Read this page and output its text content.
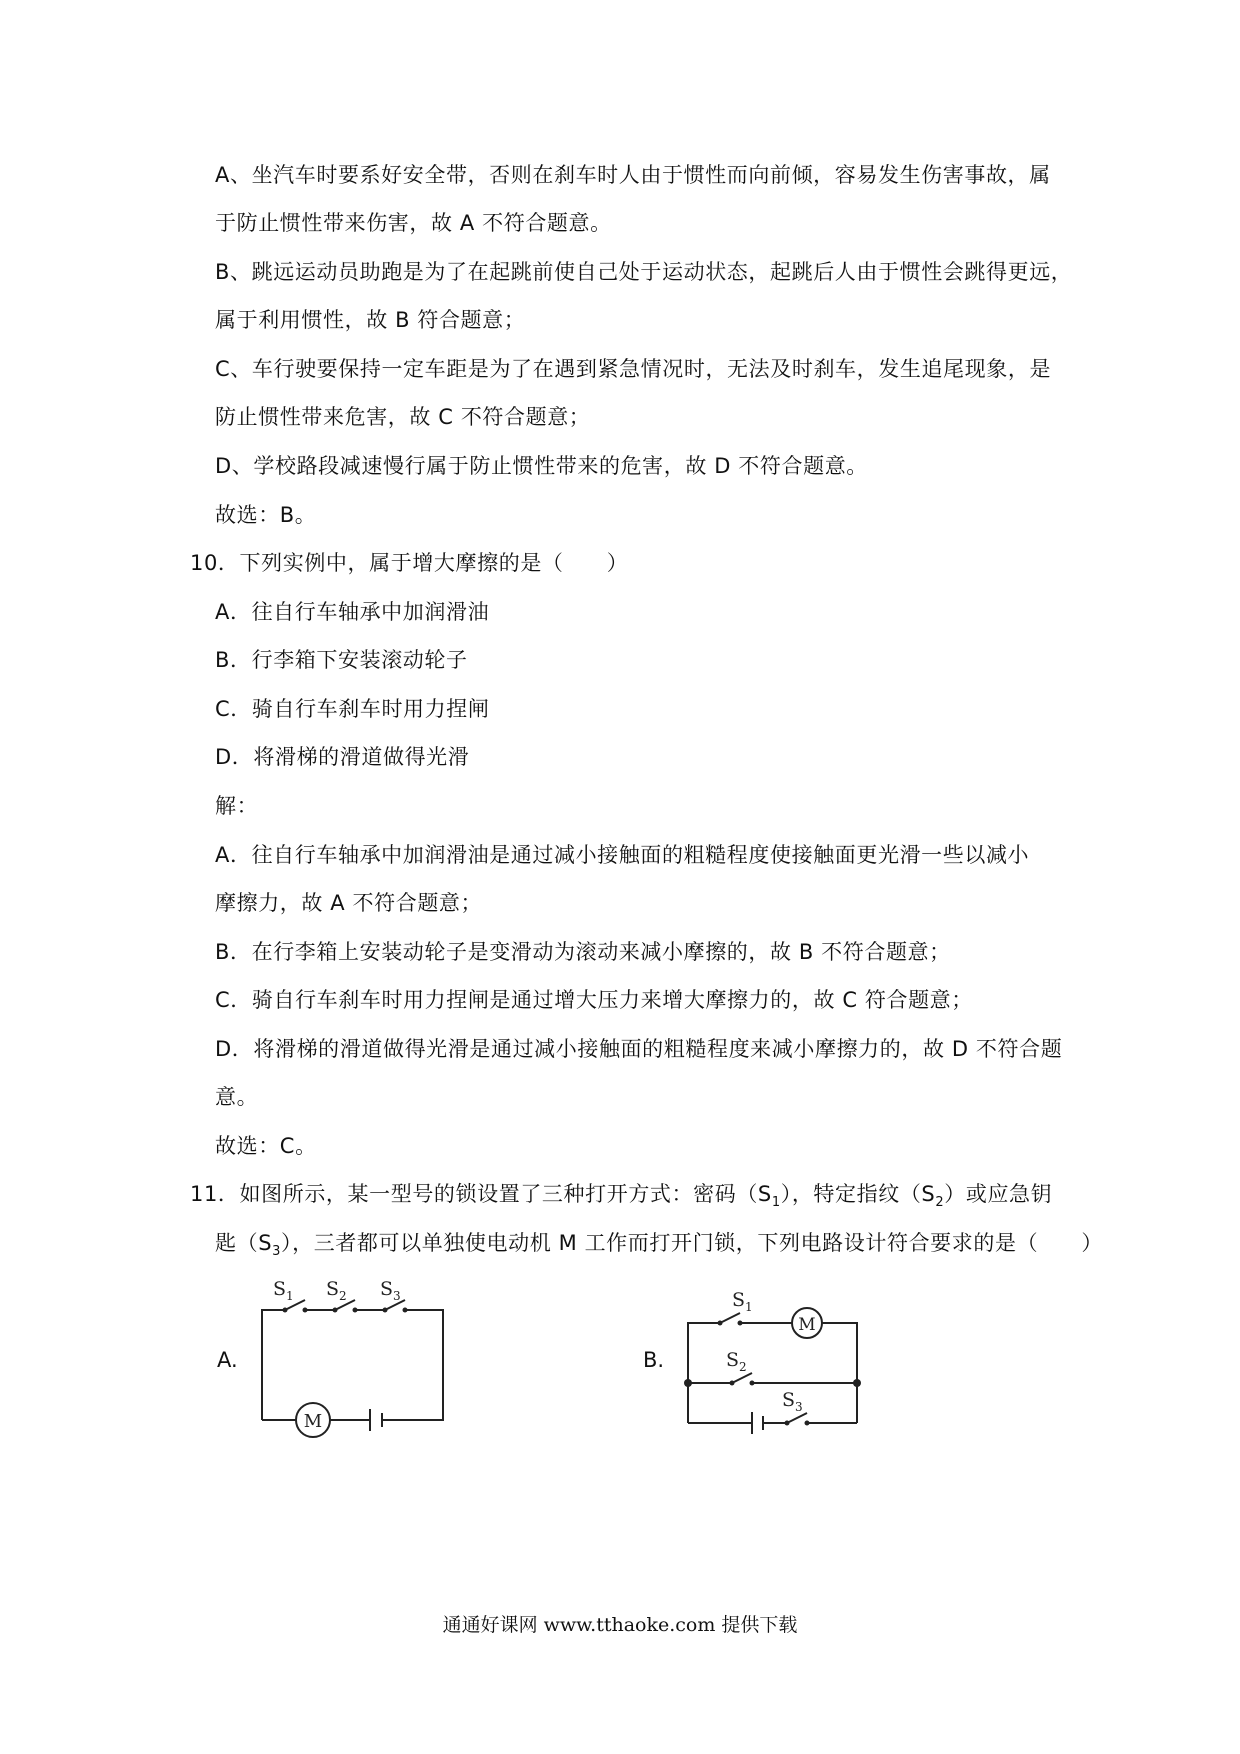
A、坐汽车时要系好安全带，否则在刹车时人由于惯性而向前倾，容易发生伤害事故，属
于防止惯性带来伤害，故 A 不符合题意。
B、跳远运动员助跑是为了在起跳前使自己处于运动状态，起跳后人由于惯性会跳得更远，
属于利用惯性，故 B 符合题意；
C、车行驶要保持一定车距是为了在遇到紧急情况时，无法及时刹车，发生追尾现象，是
防止惯性带来危害，故 C 不符合题意；
D、学校路段减速慢行属于防止惯性带来的危害，故 D 不符合题意。
故选：B。
10．下列实例中，属于增大摩擦的是（　　）
A．往自行车轴承中加润滑油
B．行李箱下安装滚动轮子
C．骑自行车刹车时用力捏闸
D．将滑梯的滑道做得光滑
解：
A．往自行车轴承中加润滑油是通过减小接触面的粗糙程度使接触面更光滑一些以减小
摩擦力，故 A 不符合题意；
B．在行李箱上安装动轮子是变滑动为滚动来减小摩擦的，故 B 不符合题意；
C．骑自行车刹车时用力捏闸是通过增大压力来增大摩擦力的，故 C 符合题意；
D．将滑梯的滑道做得光滑是通过减小接触面的粗糙程度来减小摩擦力的，故 D 不符合题
意。
故选：C。
11．如图所示，某一型号的锁设置了三种打开方式：密码$(S_1)$，特定指纹$(S_2)$或应急钥
匙$(S_3)$，三者都可以单独使电动机 M 工作而打开门锁，下列电路设计符合要求的是（　　）
A.	B.
M
$S_1$ $S_2$ $S_3$
M
$S_1$
$S_2$
$S_3$
通通好课网 www.tthaoke.com 提供下载
